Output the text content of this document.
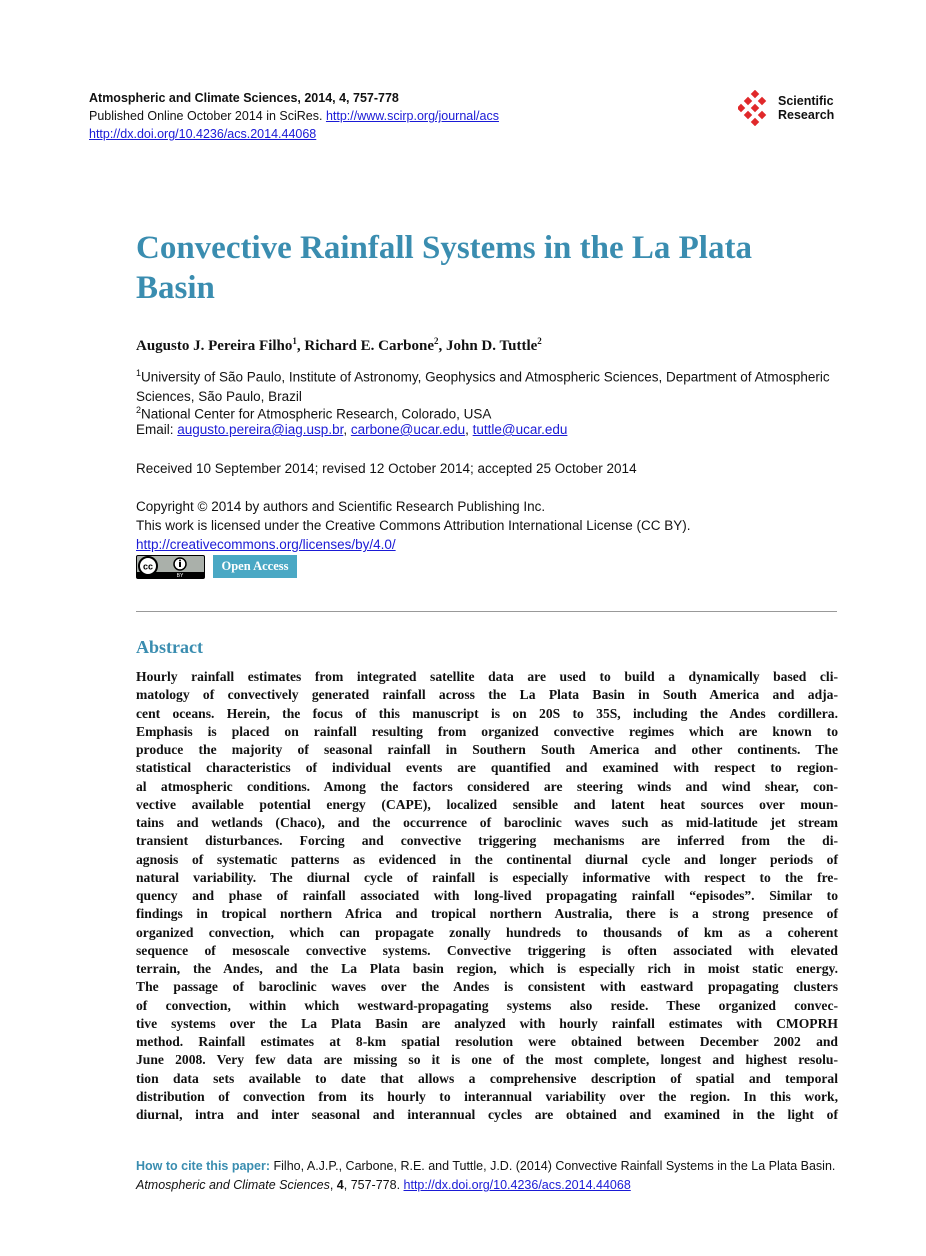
Atmospheric and Climate Sciences, 2014, 4, 757-778
Published Online October 2014 in SciRes. http://www.scirp.org/journal/acs
http://dx.doi.org/10.4236/acs.2014.44068
Scientific
Research
Convective Rainfall Systems in the La Plata Basin
Augusto J. Pereira Filho$^1$, Richard E. Carbone$^2$, John D. Tuttle$^2$
$^1$University of São Paulo, Institute of Astronomy, Geophysics and Atmospheric Sciences, Department of Atmospheric Sciences, São Paulo, Brazil
$^2$National Center for Atmospheric Research, Colorado, USA
Email: augusto.pereira@iag.usp.br, carbone@ucar.edu, tuttle@ucar.edu
Received 10 September 2014; revised 12 October 2014; accepted 25 October 2014
Copyright © 2014 by authors and Scientific Research Publishing Inc.
This work is licensed under the Creative Commons Attribution International License (CC BY).
http://creativecommons.org/licenses/by/4.0/
cc
BY
Open Access
Abstract
Hourly rainfall estimates from integrated satellite data are used to build a dynamically based cli-
matology of convectively generated rainfall across the La Plata Basin in South America and adja-
cent oceans. Herein, the focus of this manuscript is on 20S to 35S, including the Andes cordillera.
Emphasis is placed on rainfall resulting from organized convective regimes which are known to
produce the majority of seasonal rainfall in Southern South America and other continents. The
statistical characteristics of individual events are quantified and examined with respect to region-
al atmospheric conditions. Among the factors considered are steering winds and wind shear, con-
vective available potential energy (CAPE), localized sensible and latent heat sources over moun-
tains and wetlands (Chaco), and the occurrence of baroclinic waves such as mid-latitude jet stream
transient disturbances. Forcing and convective triggering mechanisms are inferred from the di-
agnosis of systematic patterns as evidenced in the continental diurnal cycle and longer periods of
natural variability. The diurnal cycle of rainfall is especially informative with respect to the fre-
quency and phase of rainfall associated with long-lived propagating rainfall “episodes”. Similar to
findings in tropical northern Africa and tropical northern Australia, there is a strong presence of
organized convection, which can propagate zonally hundreds to thousands of km as a coherent
sequence of mesoscale convective systems. Convective triggering is often associated with elevated
terrain, the Andes, and the La Plata basin region, which is especially rich in moist static energy.
The passage of baroclinic waves over the Andes is consistent with eastward propagating clusters
of convection, within which westward-propagating systems also reside. These organized convec-
tive systems over the La Plata Basin are analyzed with hourly rainfall estimates with CMOPRH
method. Rainfall estimates at 8-km spatial resolution were obtained between December 2002 and
June 2008. Very few data are missing so it is one of the most complete, longest and highest resolu-
tion data sets available to date that allows a comprehensive description of spatial and temporal
distribution of convection from its hourly to interannual variability over the region. In this work,
diurnal, intra and inter seasonal and interannual cycles are obtained and examined in the light of
How to cite this paper: Filho, A.J.P., Carbone, R.E. and Tuttle, J.D. (2014) Convective Rainfall Systems in the La Plata Basin.
Atmospheric and Climate Sciences, 4, 757-778. http://dx.doi.org/10.4236/acs.2014.44068
